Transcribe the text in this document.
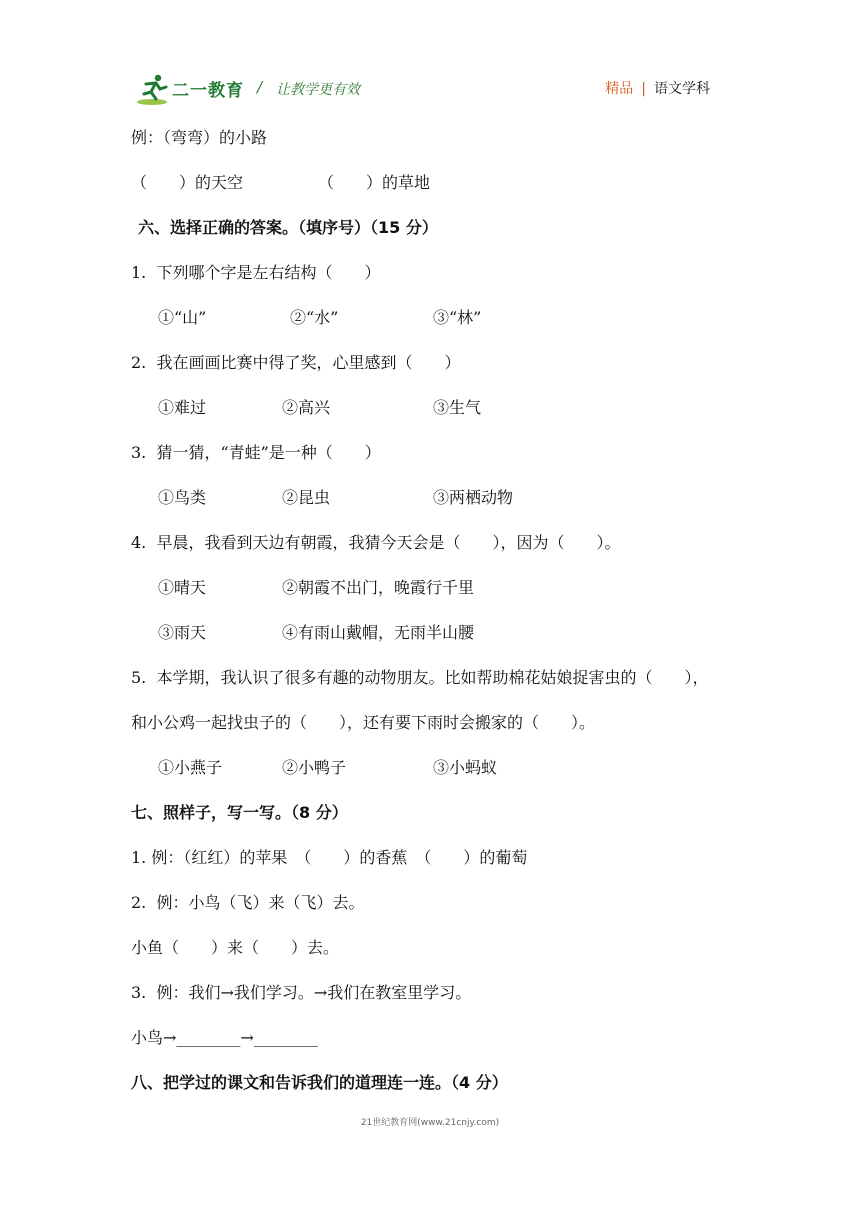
二一教育 / 让教学更有效	精品 | 语文学科
例：（弯弯）的小路
（　　）的天空	（　　）的草地
六、选择正确的答案。（填序号）（15 分）
1.  下列哪个字是左右结构（　　）
①“山”	②“水”	③“林”
2.  我在画画比赛中得了奖，心里感到（　　）
①难过	②高兴	③生气
3.  猜一猜，“青蛙”是一种（　　）
①鸟类	②昆虫	③两栖动物
4.  早晨，我看到天边有朝霞，我猜今天会是（　　），因为（　　）。
①晴天	②朝霞不出门，晚霞行千里
③雨天	④有雨山戴帽，无雨半山腰
5.  本学期，我认识了很多有趣的动物朋友。比如帮助棉花姑娘捉害虫的（　　），
和小公鸡一起找虫子的（　　），还有要下雨时会搬家的（　　）。
①小燕子	②小鸭子	③小蚂蚁
七、照样子，写一写。（8 分）
1. 例：（红红）的苹果　（　　）的香蕉　（　　）的葡萄
2.  例：小鸟（飞）来（飞）去。
小鱼（　　）来（　　）去。
3.  例：我们→我们学习。→我们在教室里学习。
小鸟→________→________
八、把学过的课文和告诉我们的道理连一连。（4 分）
21世纪教育网(www.21cnjy.com)
